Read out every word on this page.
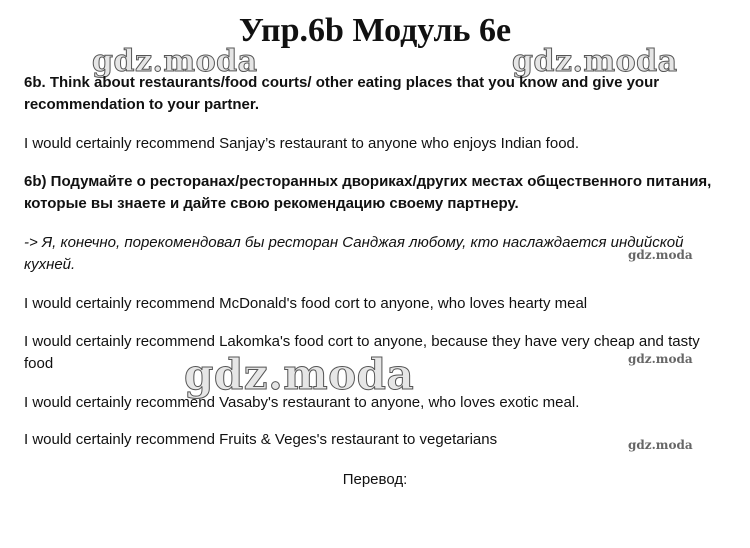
Упр.6b Модуль 6e
gdz.moda	gdz.moda

6b. Think about restaurants/food courts/ other eating places that you know and give your recommendation to your partner.

I would certainly recommend Sanjay’s restaurant to anyone who enjoys Indian food.

6b) Подумайте о ресторанах/ресторанных двориках/других местах общественного питания, которые вы знаете и дайте свою рекомендацию своему партнеру.

-> Я, конечно, порекомендовал бы ресторан Санджая любому, кто наслаждается индийской кухней.

gdz.moda

I would certainly recommend McDonald's food cort to anyone, who loves hearty meal

I would certainly recommend Lakomka's food cort to anyone, because they have very cheap and tasty food	gdz.moda
gdz.moda

I would certainly recommend Vasaby's restaurant to anyone, who loves exotic meal.

I would certainly recommend Fruits & Veges's restaurant to vegetarians	gdz.moda

Перевод:
